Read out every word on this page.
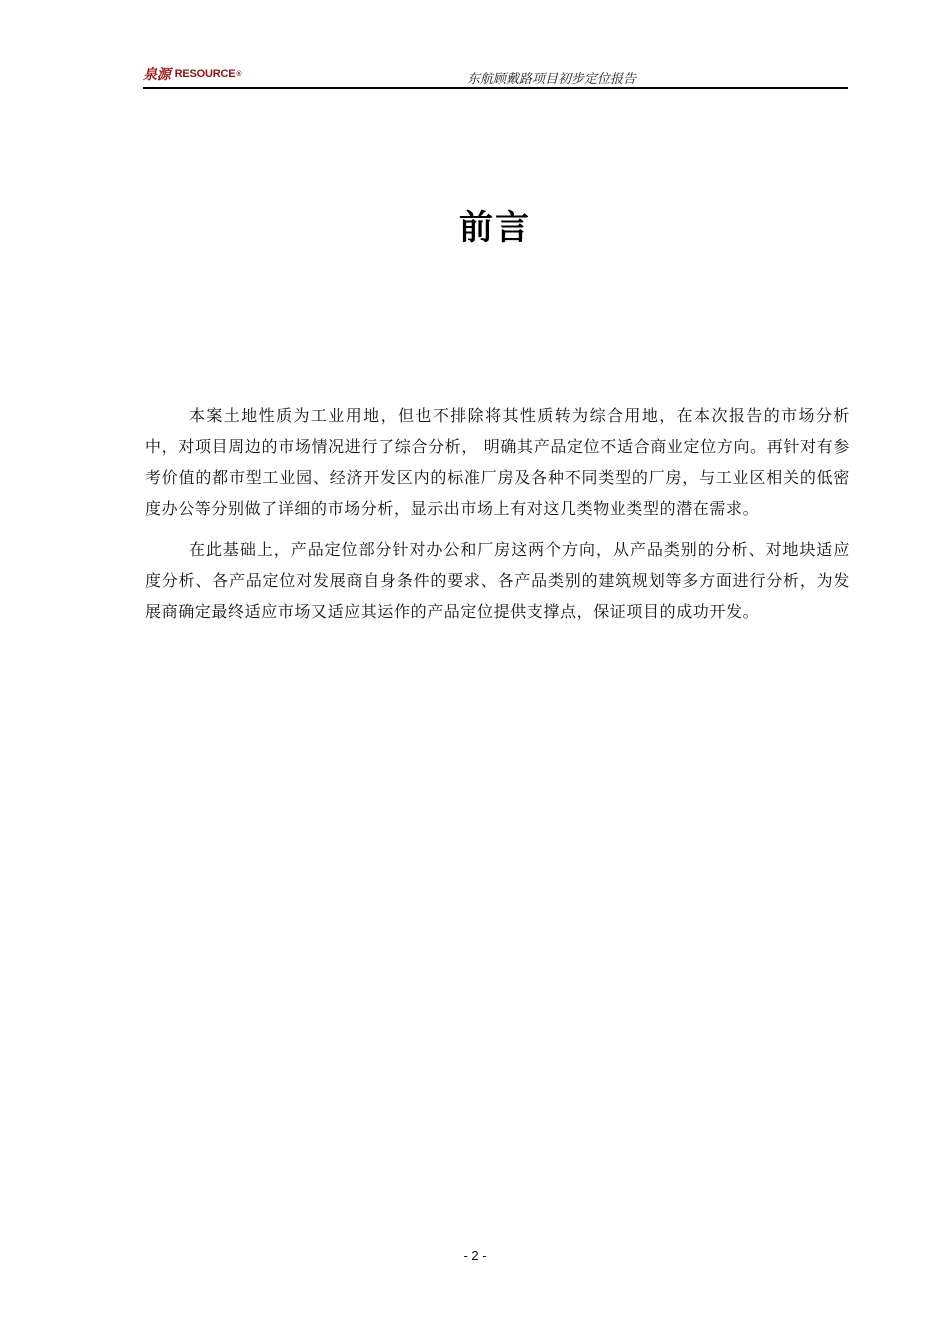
泉源 RESOURCE ®	东航顾戴路项目初步定位报告
前言

本案土地性质为工业用地，但也不排除将其性质转为综合用地，在本次报告的市场分析中，对项目周边的市场情况进行了综合分析， 明确其产品定位不适合商业定位方向。再针对有参考价值的都市型工业园、经济开发区内的标准厂房及各种不同类型的厂房，与工业区相关的低密度办公等分别做了详细的市场分析，显示出市场上有对这几类物业类型的潜在需求。

在此基础上，产品定位部分针对办公和厂房这两个方向，从产品类别的分析、对地块适应度分析、各产品定位对发展商自身条件的要求、各产品类别的建筑规划等多方面进行分析，为发展商确定最终适应市场又适应其运作的产品定位提供支撑点，保证项目的成功开发。

- 2 -
